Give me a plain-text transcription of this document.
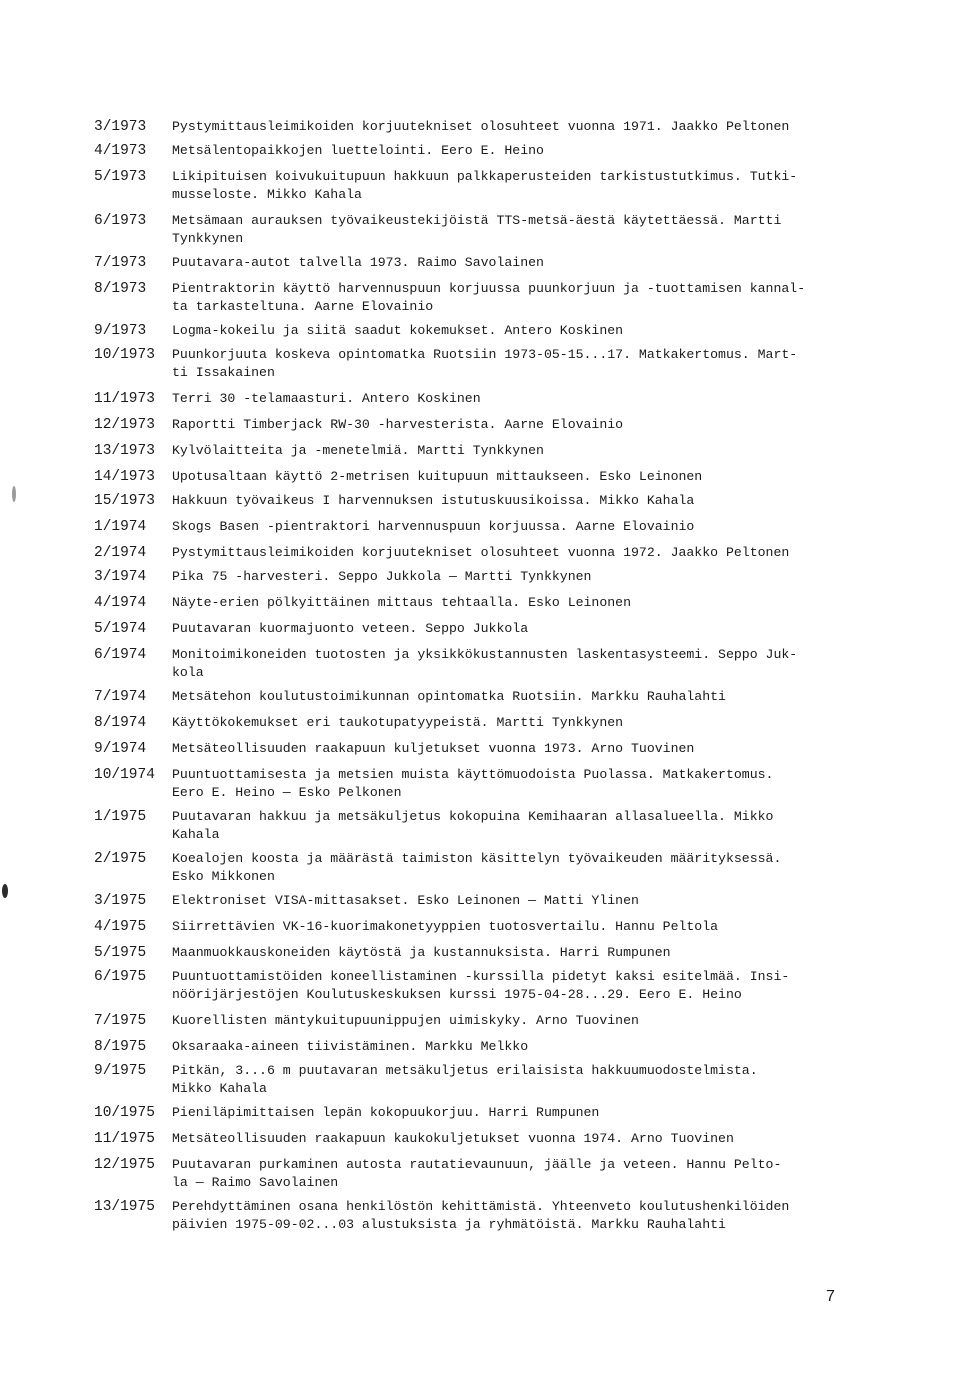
3/1973	Pystymittausleimikoiden korjuutekniset olosuhteet vuonna 1971. Jaakko Peltonen
4/1973	Metsälentopaikkojen luettelointi. Eero E. Heino
5/1973	Likipituisen koivukuitupuun hakkuun palkkaperusteiden tarkistustutkimus. Tutki-
musseloste. Mikko Kahala
6/1973	Metsämaan aurauksen työvaikeustekijöistä TTS-metsä-äestä käytettäessä. Martti
Tynkkynen
7/1973	Puutavara-autot talvella 1973. Raimo Savolainen
8/1973	Pientraktorin käyttö harvennuspuun korjuussa puunkorjuun ja -tuottamisen kannal-
ta tarkasteltuna. Aarne Elovainio
9/1973	Logma-kokeilu ja siitä saadut kokemukset. Antero Koskinen
10/1973	Puunkorjuuta koskeva opintomatka Ruotsiin 1973-05-15...17. Matkakertomus. Mart-
ti Issakainen
11/1973	Terri 30 -telamaasturi. Antero Koskinen
12/1973	Raportti Timberjack RW-30 -harvesterista. Aarne Elovainio
13/1973	Kylvölaitteita ja -menetelmiä. Martti Tynkkynen
14/1973	Upotusaltaan käyttö 2-metrisen kuitupuun mittaukseen. Esko Leinonen
15/1973	Hakkuun työvaikeus I harvennuksen istutuskuusikoissa. Mikko Kahala
1/1974	Skogs Basen -pientraktori harvennuspuun korjuussa. Aarne Elovainio
2/1974	Pystymittausleimikoiden korjuutekniset olosuhteet vuonna 1972. Jaakko Peltonen
3/1974	Pika 75 -harvesteri. Seppo Jukkola — Martti Tynkkynen
4/1974	Näyte-erien pölkyittäinen mittaus tehtaalla. Esko Leinonen
5/1974	Puutavaran kuormajuonto veteen. Seppo Jukkola
6/1974	Monitoimikoneiden tuotosten ja yksikkökustannusten laskentasysteemi. Seppo Juk-
kola
7/1974	Metsätehon koulutustoimikunnan opintomatka Ruotsiin. Markku Rauhalahti
8/1974	Käyttökokemukset eri taukotupatyypeistä. Martti Tynkkynen
9/1974	Metsäteollisuuden raakapuun kuljetukset vuonna 1973. Arno Tuovinen
10/1974	Puuntuottamisesta ja metsien muista käyttömuodoista Puolassa. Matkakertomus.
Eero E. Heino — Esko Pelkonen
1/1975	Puutavaran hakkuu ja metsäkuljetus kokopuina Kemihaaran allasalueella. Mikko
Kahala
2/1975	Koealojen koosta ja määrästä taimiston käsittelyn työvaikeuden määrityksessä.
Esko Mikkonen
3/1975	Elektroniset VISA-mittasakset. Esko Leinonen — Matti Ylinen
4/1975	Siirrettävien VK-16-kuorimakonetyyppien tuotosvertailu. Hannu Peltola
5/1975	Maanmuokkauskoneiden käytöstä ja kustannuksista. Harri Rumpunen
6/1975	Puuntuottamistöiden koneellistaminen -kurssilla pidetyt kaksi esitelmää. Insi-
nöörijärjestöjen Koulutuskeskuksen kurssi 1975-04-28...29. Eero E. Heino
7/1975	Kuorellisten mäntykuitupuunippujen uimiskyky. Arno Tuovinen
8/1975	Oksaraaka-aineen tiivistäminen. Markku Melkko
9/1975	Pitkän, 3...6 m puutavaran metsäkuljetus erilaisista hakkuumuodostelmista.
Mikko Kahala
10/1975	Pieniläpimittaisen lepän kokopuukorjuu. Harri Rumpunen
11/1975	Metsäteollisuuden raakapuun kaukokuljetukset vuonna 1974. Arno Tuovinen
12/1975	Puutavaran purkaminen autosta rautatievaunuun, jäälle ja veteen. Hannu Pelto-
la — Raimo Savolainen
13/1975	Perehdyttäminen osana henkilöstön kehittämistä. Yhteenveto koulutushenkilöiden
päivien 1975-09-02...03 alustuksista ja ryhmätöistä. Markku Rauhalahti
7
